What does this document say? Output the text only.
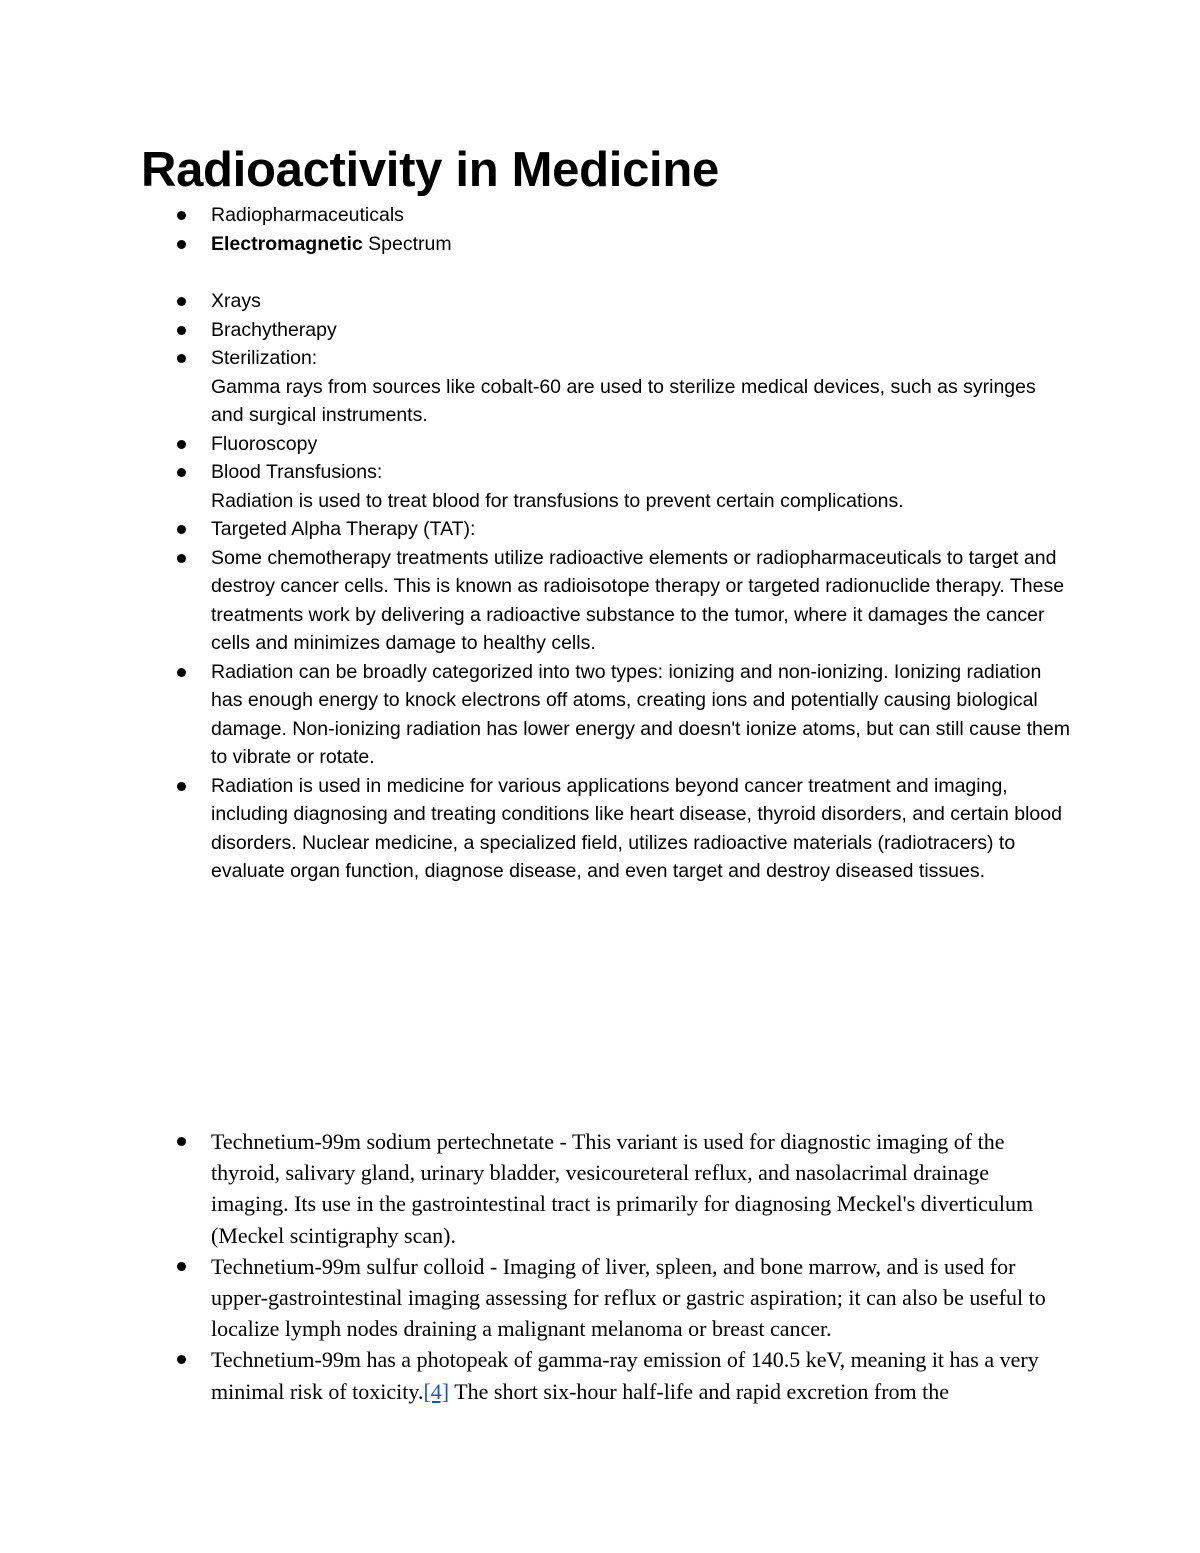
Radioactivity in Medicine
Radiopharmaceuticals
Electromagnetic Spectrum
Xrays
Brachytherapy
Sterilization:
Gamma rays from sources like cobalt-60 are used to sterilize medical devices, such as syringes and surgical instruments.
Fluoroscopy
Blood Transfusions:
Radiation is used to treat blood for transfusions to prevent certain complications.
Targeted Alpha Therapy (TAT):
Some chemotherapy treatments utilize radioactive elements or radiopharmaceuticals to target and destroy cancer cells. This is known as radioisotope therapy or targeted radionuclide therapy. These treatments work by delivering a radioactive substance to the tumor, where it damages the cancer cells and minimizes damage to healthy cells.
Radiation can be broadly categorized into two types: ionizing and non-ionizing. Ionizing radiation has enough energy to knock electrons off atoms, creating ions and potentially causing biological damage. Non-ionizing radiation has lower energy and doesn't ionize atoms, but can still cause them to vibrate or rotate.
Radiation is used in medicine for various applications beyond cancer treatment and imaging, including diagnosing and treating conditions like heart disease, thyroid disorders, and certain blood disorders. Nuclear medicine, a specialized field, utilizes radioactive materials (radiotracers) to evaluate organ function, diagnose disease, and even target and destroy diseased tissues.
Technetium-99m sodium pertechnetate - This variant is used for diagnostic imaging of the thyroid, salivary gland, urinary bladder, vesicoureteral reflux, and nasolacrimal drainage imaging. Its use in the gastrointestinal tract is primarily for diagnosing Meckel's diverticulum (Meckel scintigraphy scan).
Technetium-99m sulfur colloid - Imaging of liver, spleen, and bone marrow, and is used for upper-gastrointestinal imaging assessing for reflux or gastric aspiration; it can also be useful to localize lymph nodes draining a malignant melanoma or breast cancer.
Technetium-99m has a photopeak of gamma-ray emission of 140.5 keV, meaning it has a very minimal risk of toxicity.[4] The short six-hour half-life and rapid excretion from the
